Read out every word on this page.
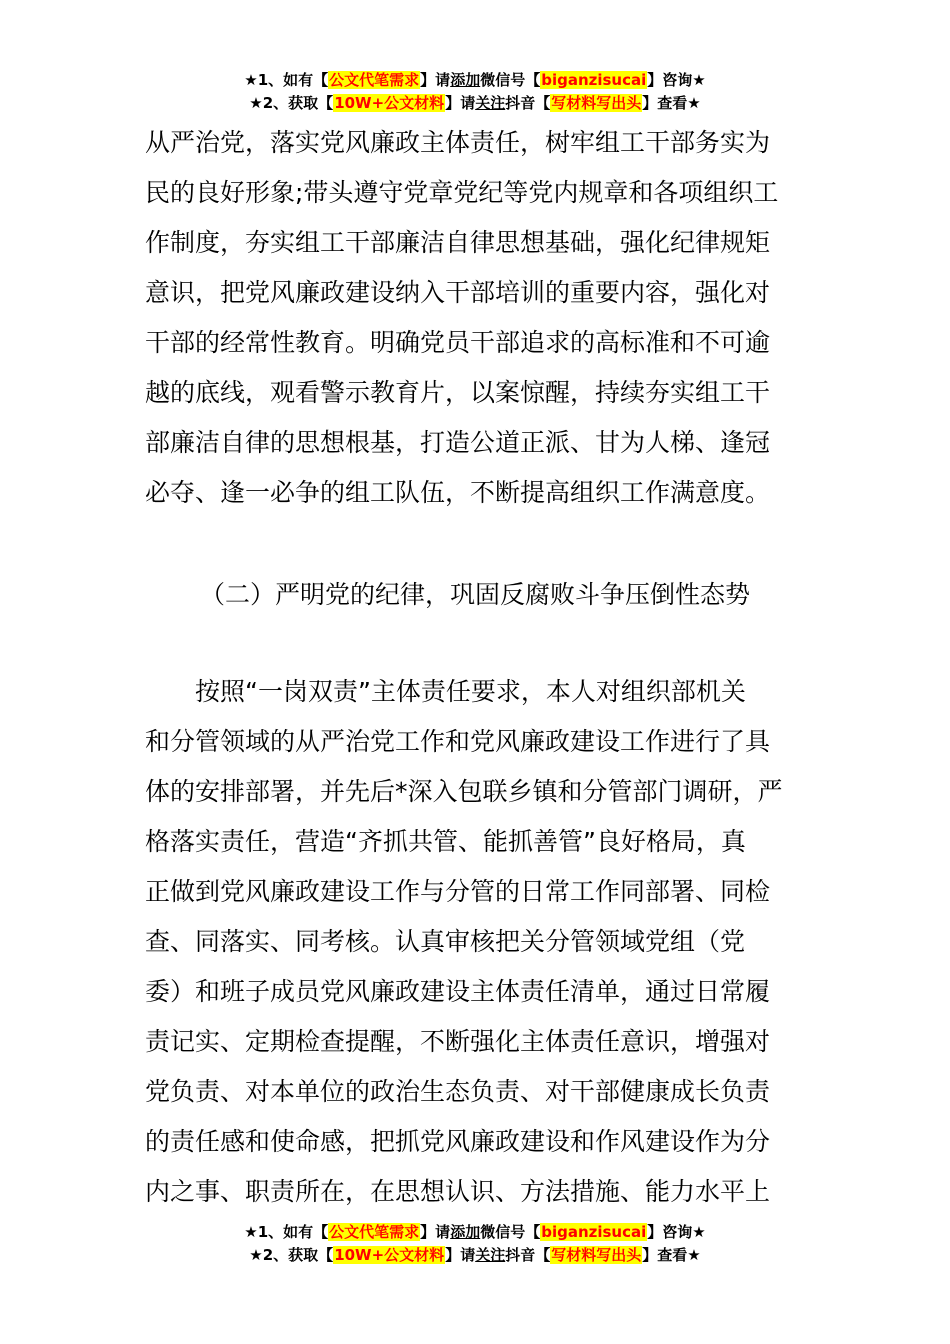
★1、如有【公文代笔需求】请添加微信号【biganzisucai】咨询★
★2、获取【10W+公文材料】请关注抖音【写材料写出头】查看★
从严治党，落实党风廉政主体责任，树牢组工干部务实为
民的良好形象;带头遵守党章党纪等党内规章和各项组织工
作制度，夯实组工干部廉洁自律思想基础，强化纪律规矩
意识，把党风廉政建设纳入干部培训的重要内容，强化对
干部的经常性教育。明确党员干部追求的高标准和不可逾
越的底线，观看警示教育片，以案惊醒，持续夯实组工干
部廉洁自律的思想根基，打造公道正派、甘为人梯、逢冠
必夺、逢一必争的组工队伍，不断提高组织工作满意度。
（二）严明党的纪律，巩固反腐败斗争压倒性态势
按照“一岗双责”主体责任要求，本人对组织部机关
和分管领域的从严治党工作和党风廉政建设工作进行了具
体的安排部署，并先后*深入包联乡镇和分管部门调研，严
格落实责任，营造“齐抓共管、能抓善管”良好格局，真
正做到党风廉政建设工作与分管的日常工作同部署、同检
查、同落实、同考核。认真审核把关分管领域党组（党
委）和班子成员党风廉政建设主体责任清单，通过日常履
责记实、定期检查提醒，不断强化主体责任意识，增强对
党负责、对本单位的政治生态负责、对干部健康成长负责
的责任感和使命感，把抓党风廉政建设和作风建设作为分
内之事、职责所在，在思想认识、方法措施、能力水平上
★1、如有【公文代笔需求】请添加微信号【biganzisucai】咨询★
★2、获取【10W+公文材料】请关注抖音【写材料写出头】查看★
